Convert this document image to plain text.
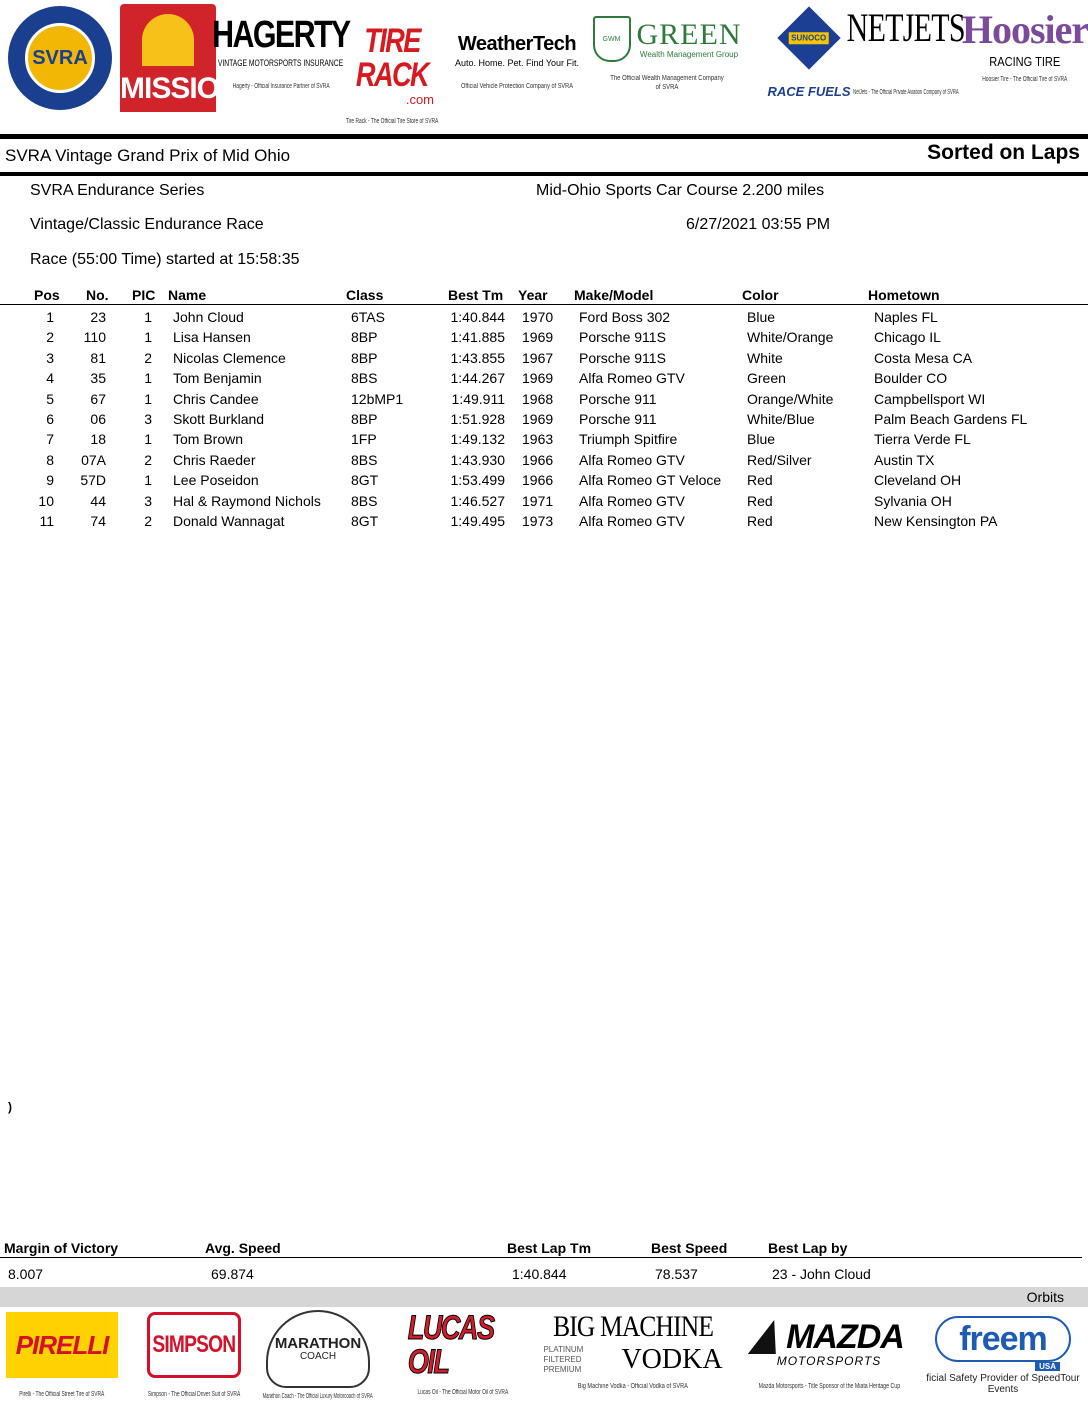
SVRA
MISSION
HAGERTY
VINTAGE MOTORSPORTS INSURANCE
Hagerty - Official Insurance Partner of SVRA
TIRE RACK
.com
Tire Rack - The Official Tire Store of SVRA
WeatherTech
Auto. Home. Pet. Find Your Fit.
Official Vehicle Protection Company of SVRA
GWM GREEN
Wealth Management Group
The Official Wealth Management Company of SVRA
SUNOCO
RACE FUELS
NETJETS
NetJets - The Official Private Aviation Company of SVRA
Hoosier
RACING TIRE
Hoosier Tire - The Official Tire of SVRA
SVRA Vintage Grand Prix of Mid Ohio	Sorted on Laps
SVRA Endurance Series	Mid-Ohio Sports Car Course 2.200 miles
Vintage/Classic Endurance Race	6/27/2021 03:55 PM
Race (55:00 Time) started at 15:58:35
Pos No. PIC Name	Class	Best Tm Year Make/Model	Color	Hometown
1	23	1 John Cloud	6TAS	1:40.844 1970	Ford Boss 302	Blue	Naples FL
2	110	1 Lisa Hansen	8BP	1:41.885 1969	Porsche 911S	White/Orange	Chicago IL
3	81	2 Nicolas Clemence	8BP	1:43.855 1967	Porsche 911S	White	Costa Mesa CA
4	35	1 Tom Benjamin	8BS	1:44.267 1969	Alfa Romeo GTV	Green	Boulder CO
5	67	1 Chris Candee	12bMP1	1:49.911 1968	Porsche 911	Orange/White	Campbellsport WI
6	06	3 Skott Burkland	8BP	1:51.928 1969	Porsche 911	White/Blue	Palm Beach Gardens FL
7	18	1 Tom Brown	1FP	1:49.132 1963	Triumph Spitfire	Blue	Tierra Verde FL
8	07A	2 Chris Raeder	8BS	1:43.930 1966	Alfa Romeo GTV	Red/Silver	Austin TX
9	57D	1 Lee Poseidon	8GT	1:53.499 1966	Alfa Romeo GT Veloce	Red	Cleveland OH
10	44	3 Hal & Raymond Nichols	8BS	1:46.527 1971	Alfa Romeo GTV	Red	Sylvania OH
11	74	2 Donald Wannagat	8GT	1:49.495 1973	Alfa Romeo GTV	Red	New Kensington PA
)
Margin of Victory	Avg. Speed	Best Lap Tm	Best Speed	Best Lap by
8.007	69.874	1:40.844	78.537	23 - John Cloud
Orbits
PIRELLI
Pirelli - The Official Street Tire of SVRA
SIMPSON
Simpson - The Official Driver Suit of SVRA
MARATHON
COACH
Marathon Coach - The Official Luxury Motorcoach of SVRA
LUCAS OIL
Lucas Oil - The Official Motor Oil of SVRA
BIG MACHINE
PLATINUM FILTERED PREMIUM	VODKA
Big Machine Vodka - Official Vodka of SVRA
MAZDA
MOTORSPORTS
Mazda Motorsports - Title Sponsor of the Miata Heritage Cup
freem
USA
ficial Safety Provider of SpeedTour
Events
